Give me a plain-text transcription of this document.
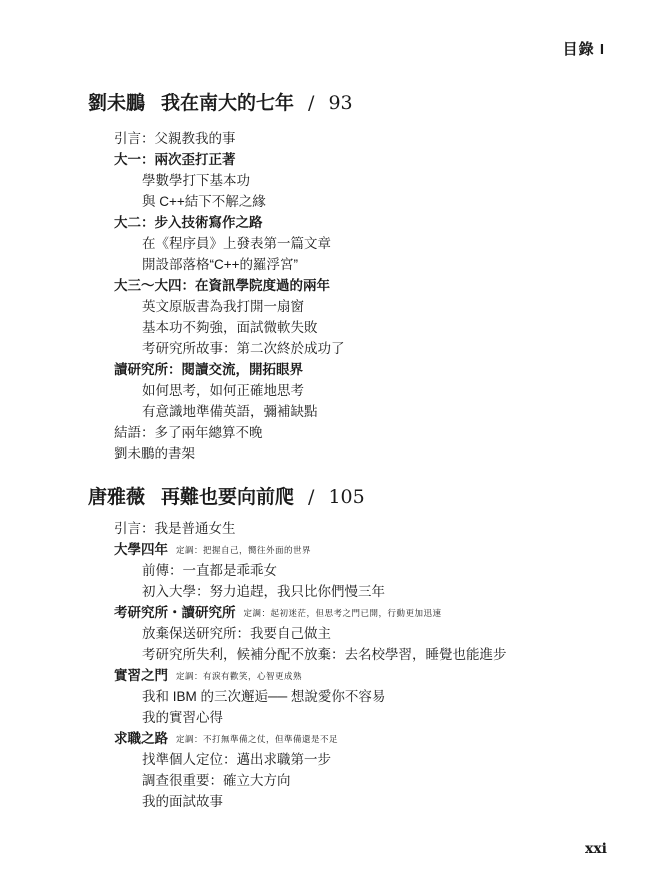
目錄 I
劉未鵬 我在南大的七年 / 93
引言：父親教我的事
大一：兩次歪打正著
學數學打下基本功
與 C++結下不解之緣
大二：步入技術寫作之路
在《程序員》上發表第一篇文章
開設部落格“C++的羅浮宮”
大三～大四：在資訊學院度過的兩年
英文原版書為我打開一扇窗
基本功不夠強，面試微軟失敗
考研究所故事：第二次終於成功了
讀研究所：閱讀交流，開拓眼界
如何思考，如何正確地思考
有意識地準備英語，彌補缺點
結語：多了兩年總算不晚
劉未鵬的書架
唐雅薇 再難也要向前爬 / 105
引言：我是普通女生
大學四年 定調：把握自己，嚮往外面的世界
前傳：一直都是乖乖女
初入大學：努力追趕，我只比你們慢三年
考研究所・讀研究所 定調：起初迷茫，但思考之門已開，行動更加迅速
放棄保送研究所：我要自己做主
考研究所失利，候補分配不放棄：去名校學習，睡覺也能進步
實習之門 定調：有淚有歡笑，心智更成熟
我和 IBM 的三次邂逅── 想說愛你不容易
我的實習心得
求職之路 定調：不打無準備之仗，但準備還是不足
找準個人定位：邁出求職第一步
調查很重要：確立大方向
我的面試故事
xxi
